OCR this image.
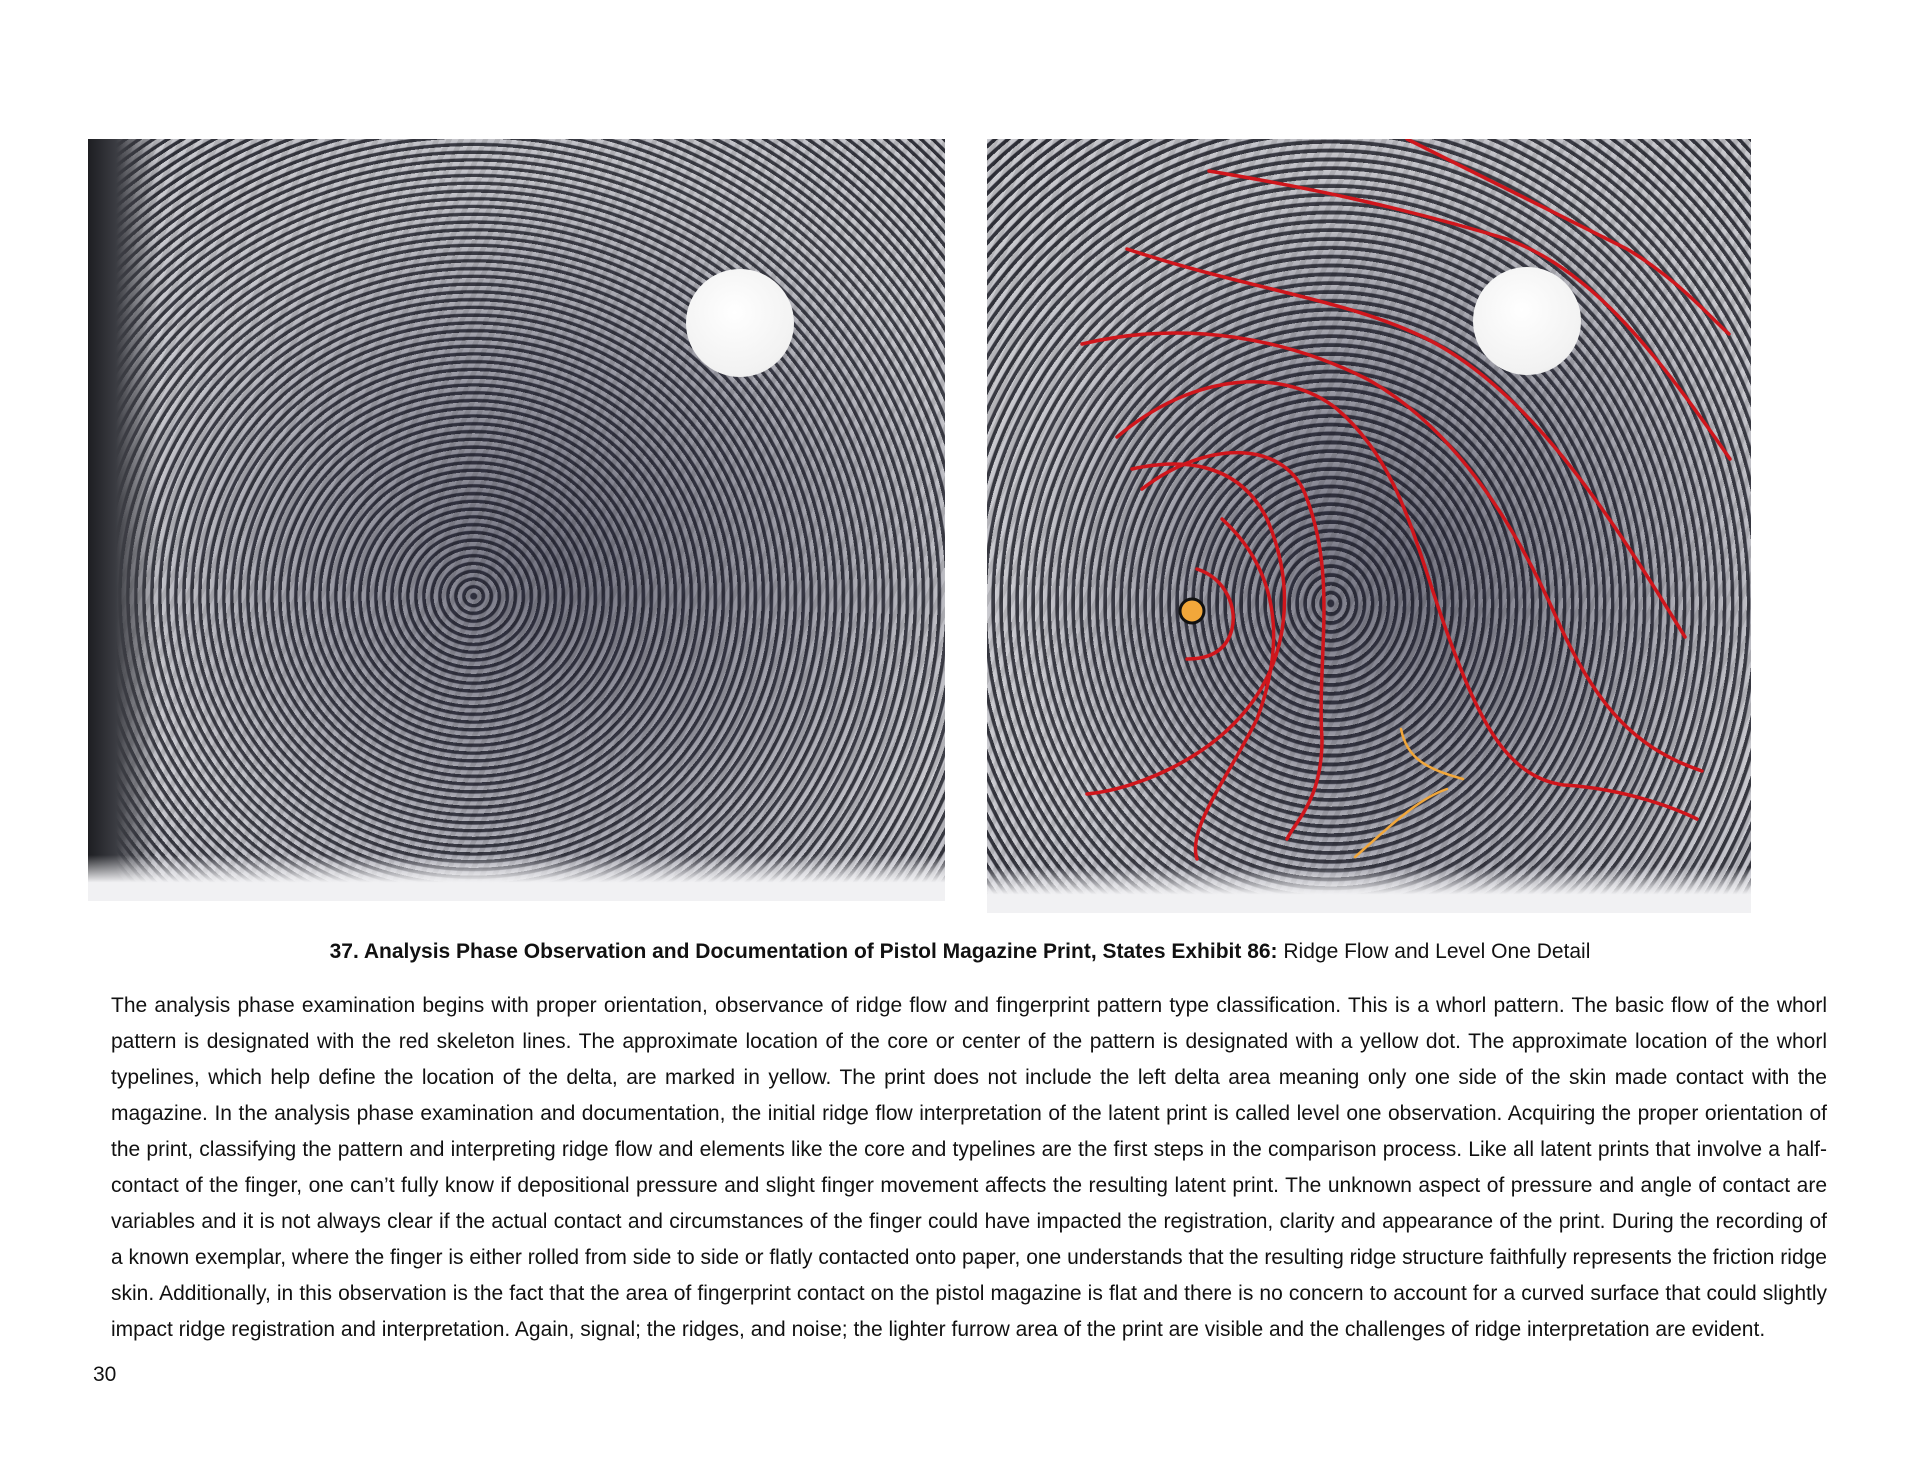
37. Analysis Phase Observation and Documentation of Pistol Magazine Print, States Exhibit 86: Ridge Flow and Level One Detail

The analysis phase examination begins with proper orientation, observance of ridge flow and fingerprint pattern type classification. This is a whorl pattern. The basic flow of the whorl pattern is designated with the red skeleton lines. The approximate location of the core or center of the pattern is designated with a yellow dot. The approximate location of the whorl typelines, which help define the location of the delta, are marked in yellow. The print does not include the left delta area meaning only one side of the skin made contact with the magazine. In the analysis phase examination and documentation, the initial ridge flow interpretation of the latent print is called level one observation. Acquiring the proper orientation of the print, classifying the pattern and interpreting ridge flow and elements like the core and typelines are the first steps in the comparison process. Like all latent prints that involve a half-contact of the finger, one can’t fully know if depositional pressure and slight finger movement affects the resulting latent print. The unknown aspect of pressure and angle of contact are variables and it is not always clear if the actual contact and circumstances of the finger could have impacted the registration, clarity and appearance of the print. During the recording of a known exemplar, where the finger is either rolled from side to side or flatly contacted onto paper, one understands that the resulting ridge structure faithfully represents the friction ridge skin. Additionally, in this observation is the fact that the area of fingerprint contact on the pistol magazine is flat and there is no concern to account for a curved surface that could slightly impact ridge registration and interpretation. Again, signal; the ridges, and noise; the lighter furrow area of the print are visible and the challenges of ridge interpretation are evident.

30
